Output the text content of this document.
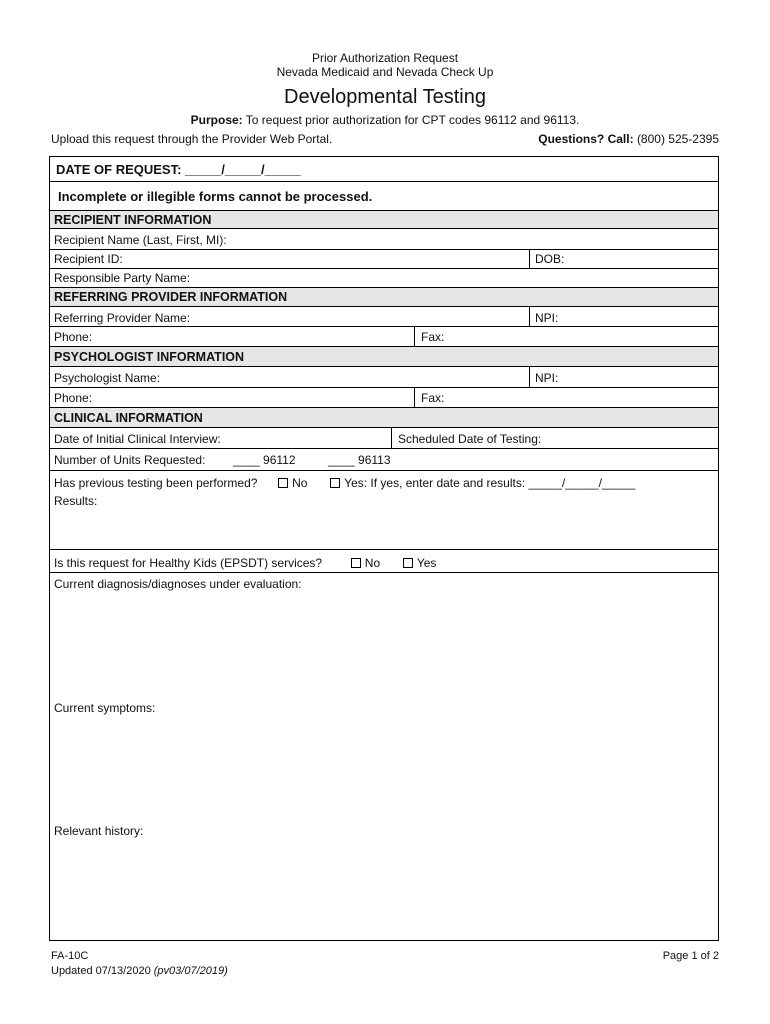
Prior Authorization Request
Nevada Medicaid and Nevada Check Up
Developmental Testing
Purpose: To request prior authorization for CPT codes 96112 and 96113.
Upload this request through the Provider Web Portal.	Questions? Call: (800) 525-2395
DATE OF REQUEST: _____/_____/_____
Incomplete or illegible forms cannot be processed.
RECIPIENT INFORMATION
Recipient Name (Last, First, MI):
Recipient ID:	DOB:
Responsible Party Name:
REFERRING PROVIDER INFORMATION
Referring Provider Name:	NPI:
Phone:	Fax:
PSYCHOLOGIST INFORMATION
Psychologist Name:	NPI:
Phone:	Fax:
CLINICAL INFORMATION
Date of Initial Clinical Interview:	Scheduled Date of Testing:
Number of Units Requested: ____ 96112	____ 96113
Has previous testing been performed?	No	Yes: If yes, enter date and results: _____/_____/_____
Results:
Is this request for Healthy Kids (EPSDT) services?	No	Yes
Current diagnosis/diagnoses under evaluation:
Current symptoms:
Relevant history:
FA-10C
Updated 07/13/2020 (pv03/07/2019)
Page 1 of 2
